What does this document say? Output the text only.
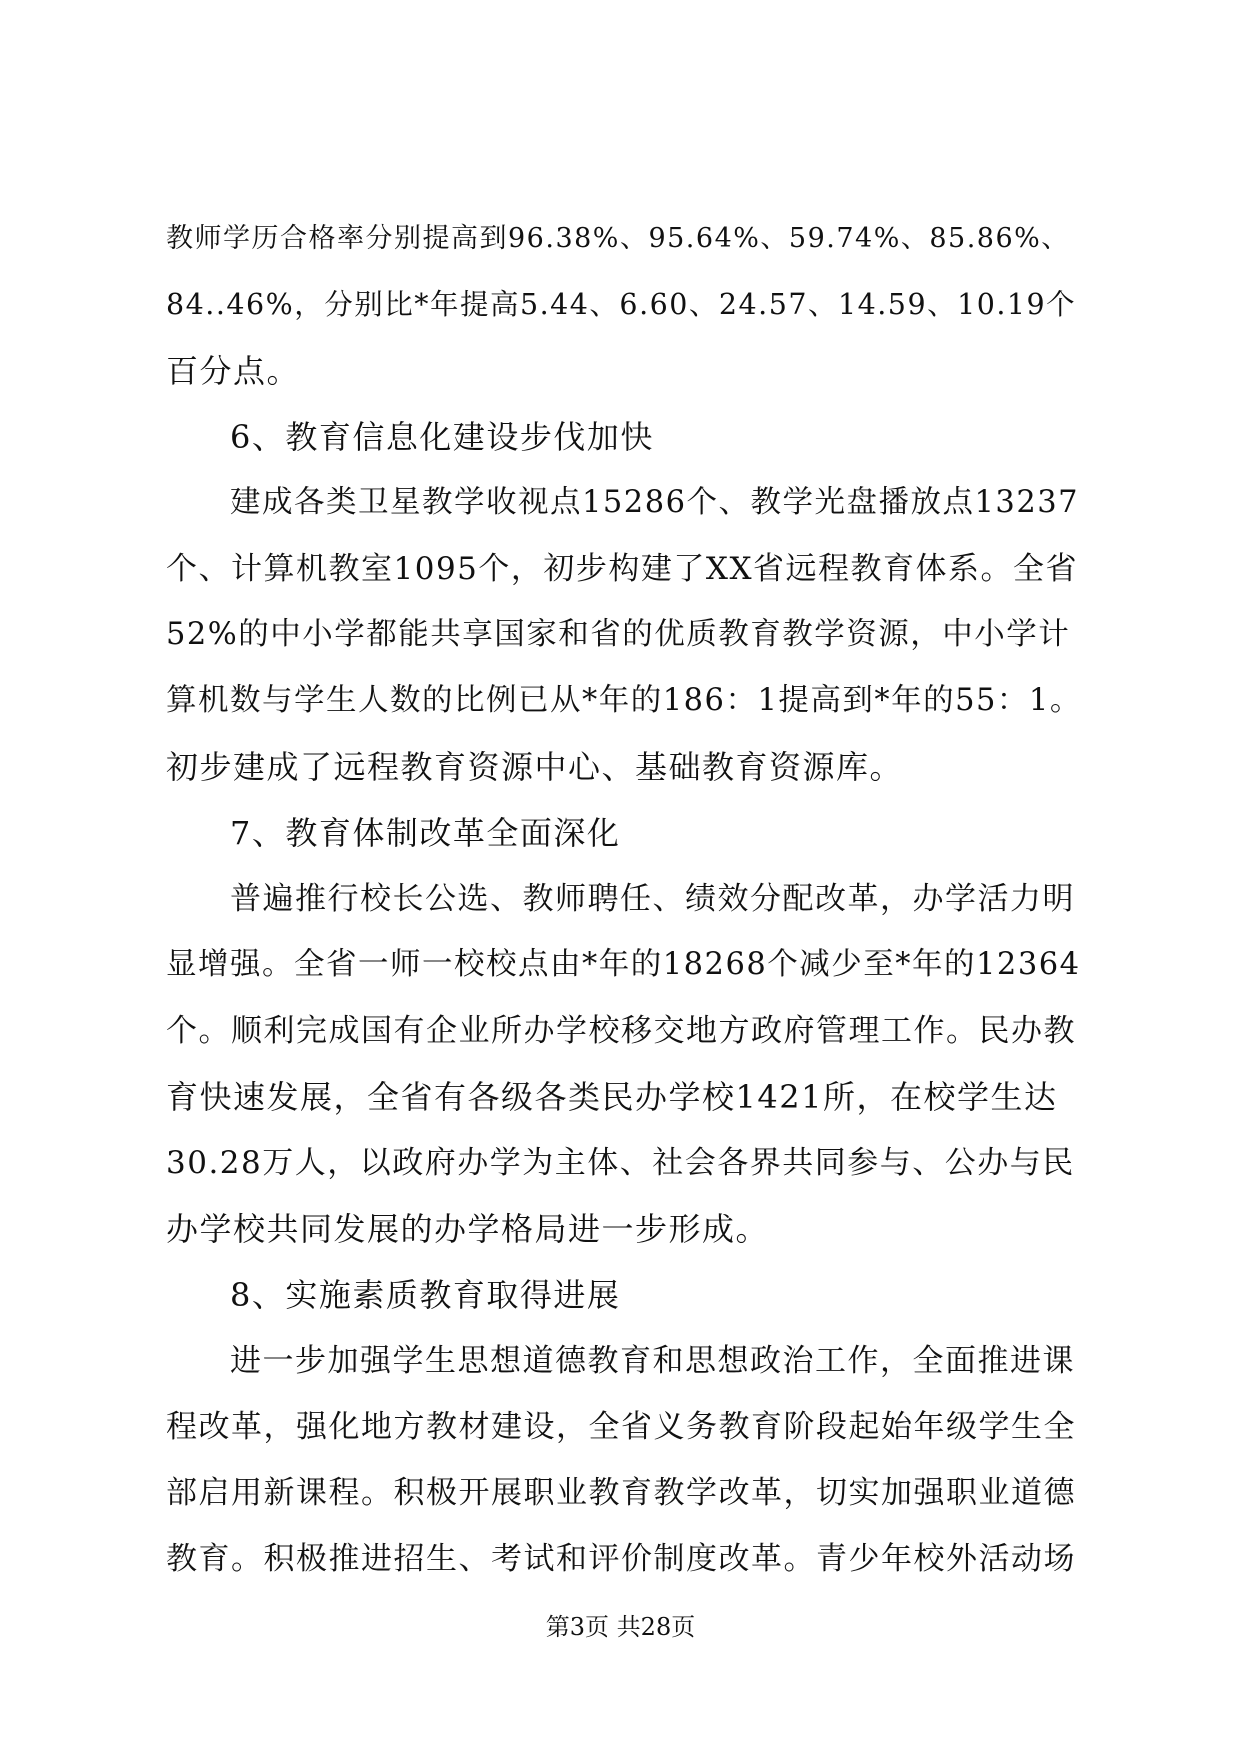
教师学历合格率分别提高到96.38%、95.64%、59.74%、85.86%、
84..46%，分别比*年提高5.44、6.60、24.57、14.59、10.19个
百分点。
6、教育信息化建设步伐加快
建成各类卫星教学收视点15286个、教学光盘播放点13237
个、计算机教室1095个，初步构建了XX省远程教育体系。全省
52%的中小学都能共享国家和省的优质教育教学资源，中小学计
算机数与学生人数的比例已从*年的186：1提高到*年的55：1。
初步建成了远程教育资源中心、基础教育资源库。
7、教育体制改革全面深化
普遍推行校长公选、教师聘任、绩效分配改革，办学活力明
显增强。全省一师一校校点由*年的18268个减少至*年的12364
个。顺利完成国有企业所办学校移交地方政府管理工作。民办教
育快速发展，全省有各级各类民办学校1421所，在校学生达
30.28万人，以政府办学为主体、社会各界共同参与、公办与民
办学校共同发展的办学格局进一步形成。
8、实施素质教育取得进展
进一步加强学生思想道德教育和思想政治工作，全面推进课
程改革，强化地方教材建设，全省义务教育阶段起始年级学生全
部启用新课程。积极开展职业教育教学改革，切实加强职业道德
教育。积极推进招生、考试和评价制度改革。青少年校外活动场
第3页 共28页
